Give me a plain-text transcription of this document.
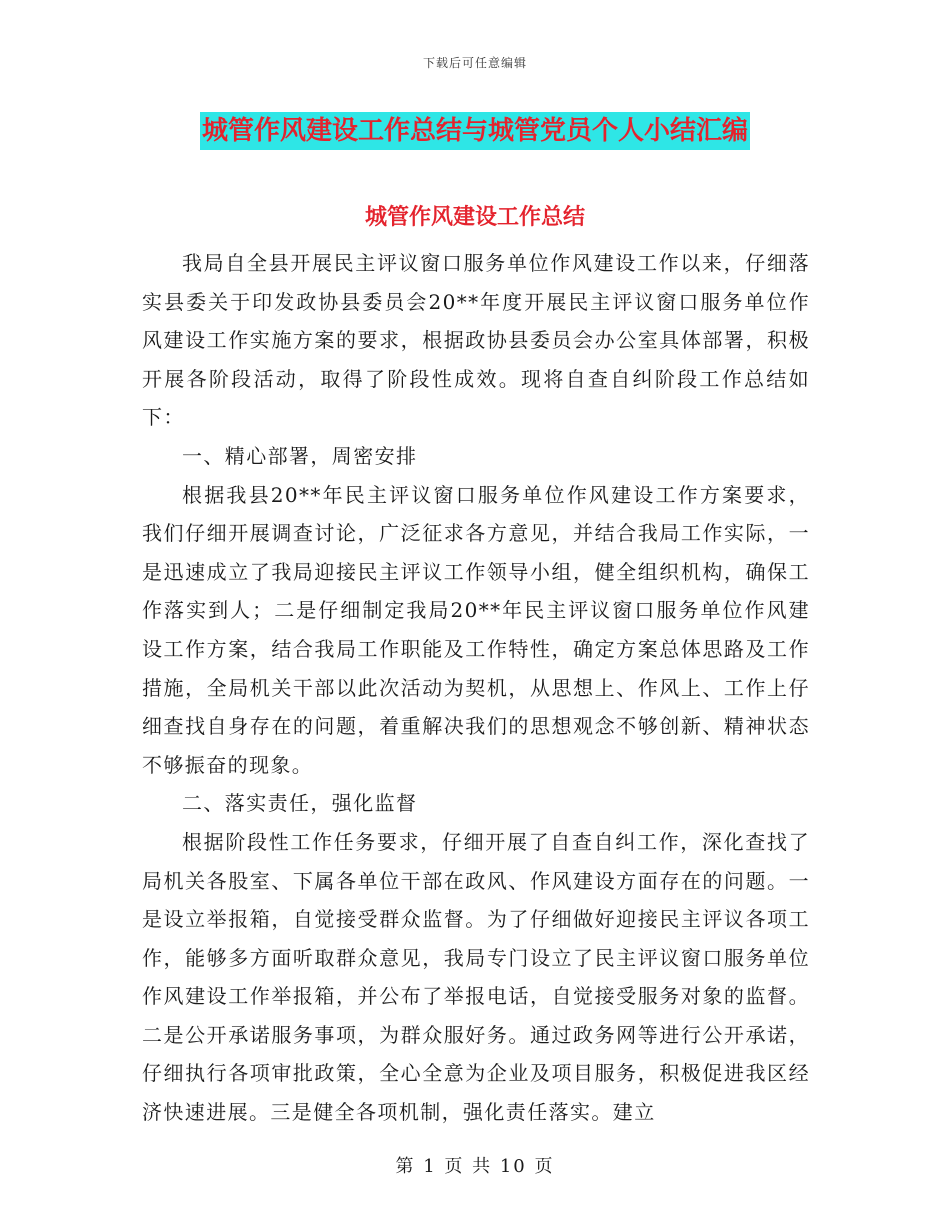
下载后可任意编辑
城管作风建设工作总结与城管党员个人小结汇编
城管作风建设工作总结

我局自全县开展民主评议窗口服务单位作风建设工作以来，仔细落实县委关于印发政协县委员会20**年度开展民主评议窗口服务单位作风建设工作实施方案的要求，根据政协县委员会办公室具体部署，积极开展各阶段活动，取得了阶段性成效。现将自查自纠阶段工作总结如下：

一、精心部署，周密安排

根据我县20**年民主评议窗口服务单位作风建设工作方案要求，我们仔细开展调查讨论，广泛征求各方意见，并结合我局工作实际，一是迅速成立了我局迎接民主评议工作领导小组，健全组织机构，确保工作落实到人；二是仔细制定我局20**年民主评议窗口服务单位作风建设工作方案，结合我局工作职能及工作特性，确定方案总体思路及工作措施，全局机关干部以此次活动为契机，从思想上、作风上、工作上仔细查找自身存在的问题，着重解决我们的思想观念不够创新、精神状态不够振奋的现象。

二、落实责任，强化监督

根据阶段性工作任务要求，仔细开展了自查自纠工作，深化查找了局机关各股室、下属各单位干部在政风、作风建设方面存在的问题。一是设立举报箱，自觉接受群众监督。为了仔细做好迎接民主评议各项工作，能够多方面听取群众意见，我局专门设立了民主评议窗口服务单位作风建设工作举报箱，并公布了举报电话，自觉接受服务对象的监督。二是公开承诺服务事项，为群众服好务。通过政务网等进行公开承诺，仔细执行各项审批政策，全心全意为企业及项目服务，积极促进我区经济快速进展。三是健全各项机制，强化责任落实。建立

第 1 页 共 10 页
